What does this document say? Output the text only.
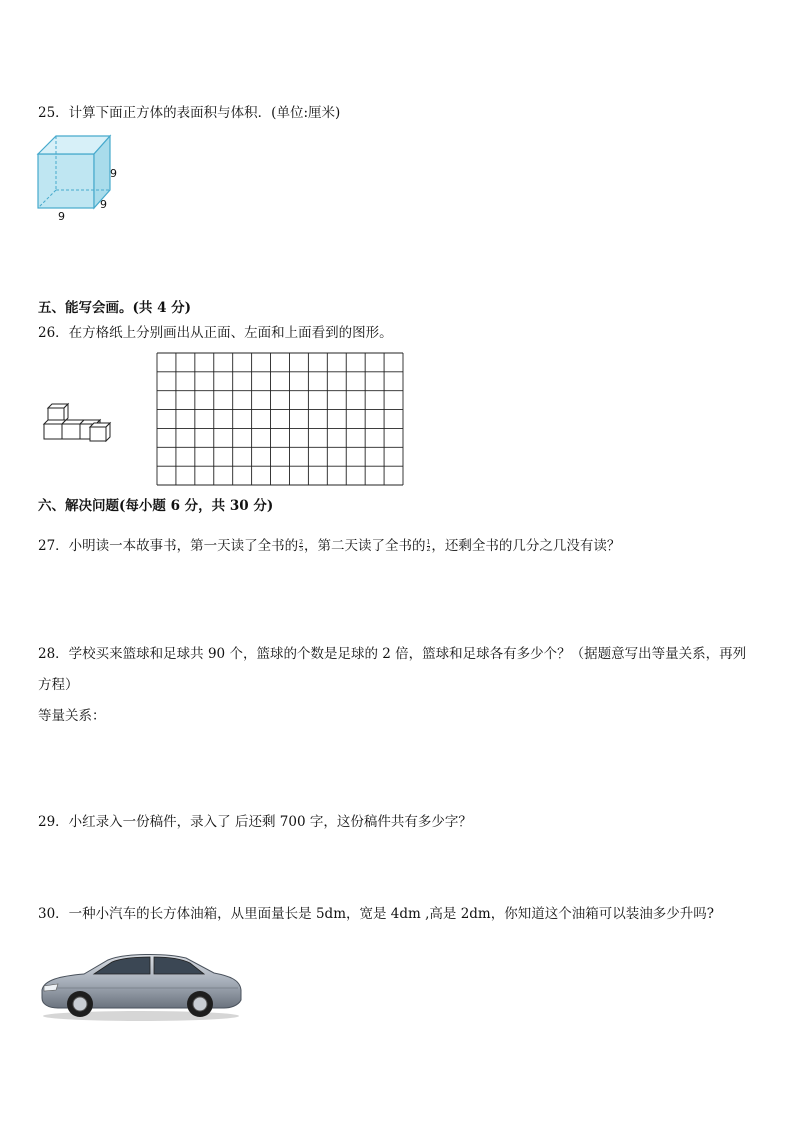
25．计算下面正方体的表面积与体积．(单位:厘米)
9
9
9
五、能写会画。(共 4 分)
26．在方格纸上分别画出从正面、左面和上面看到的图形。
六、解决问题(每小题 6 分，共 30 分)
27．小明读一本故事书，第一天读了全书的 $\frac{2}{5}$ ，第二天读了全书的 $\frac{1}{2}$ ，还剩全书的几分之几没有读？
28．学校买来篮球和足球共 90 个，篮球的个数是足球的 2 倍，篮球和足球各有多少个？（据题意写出等量关系，再列
方程）
等量关系：
29．小红录入一份稿件，录入了 后还剩 700 字，这份稿件共有多少字？
30．一种小汽车的长方体油箱，从里面量长是 5dm，宽是 4dm ,高是 2dm，你知道这个油箱可以装油多少升吗?
